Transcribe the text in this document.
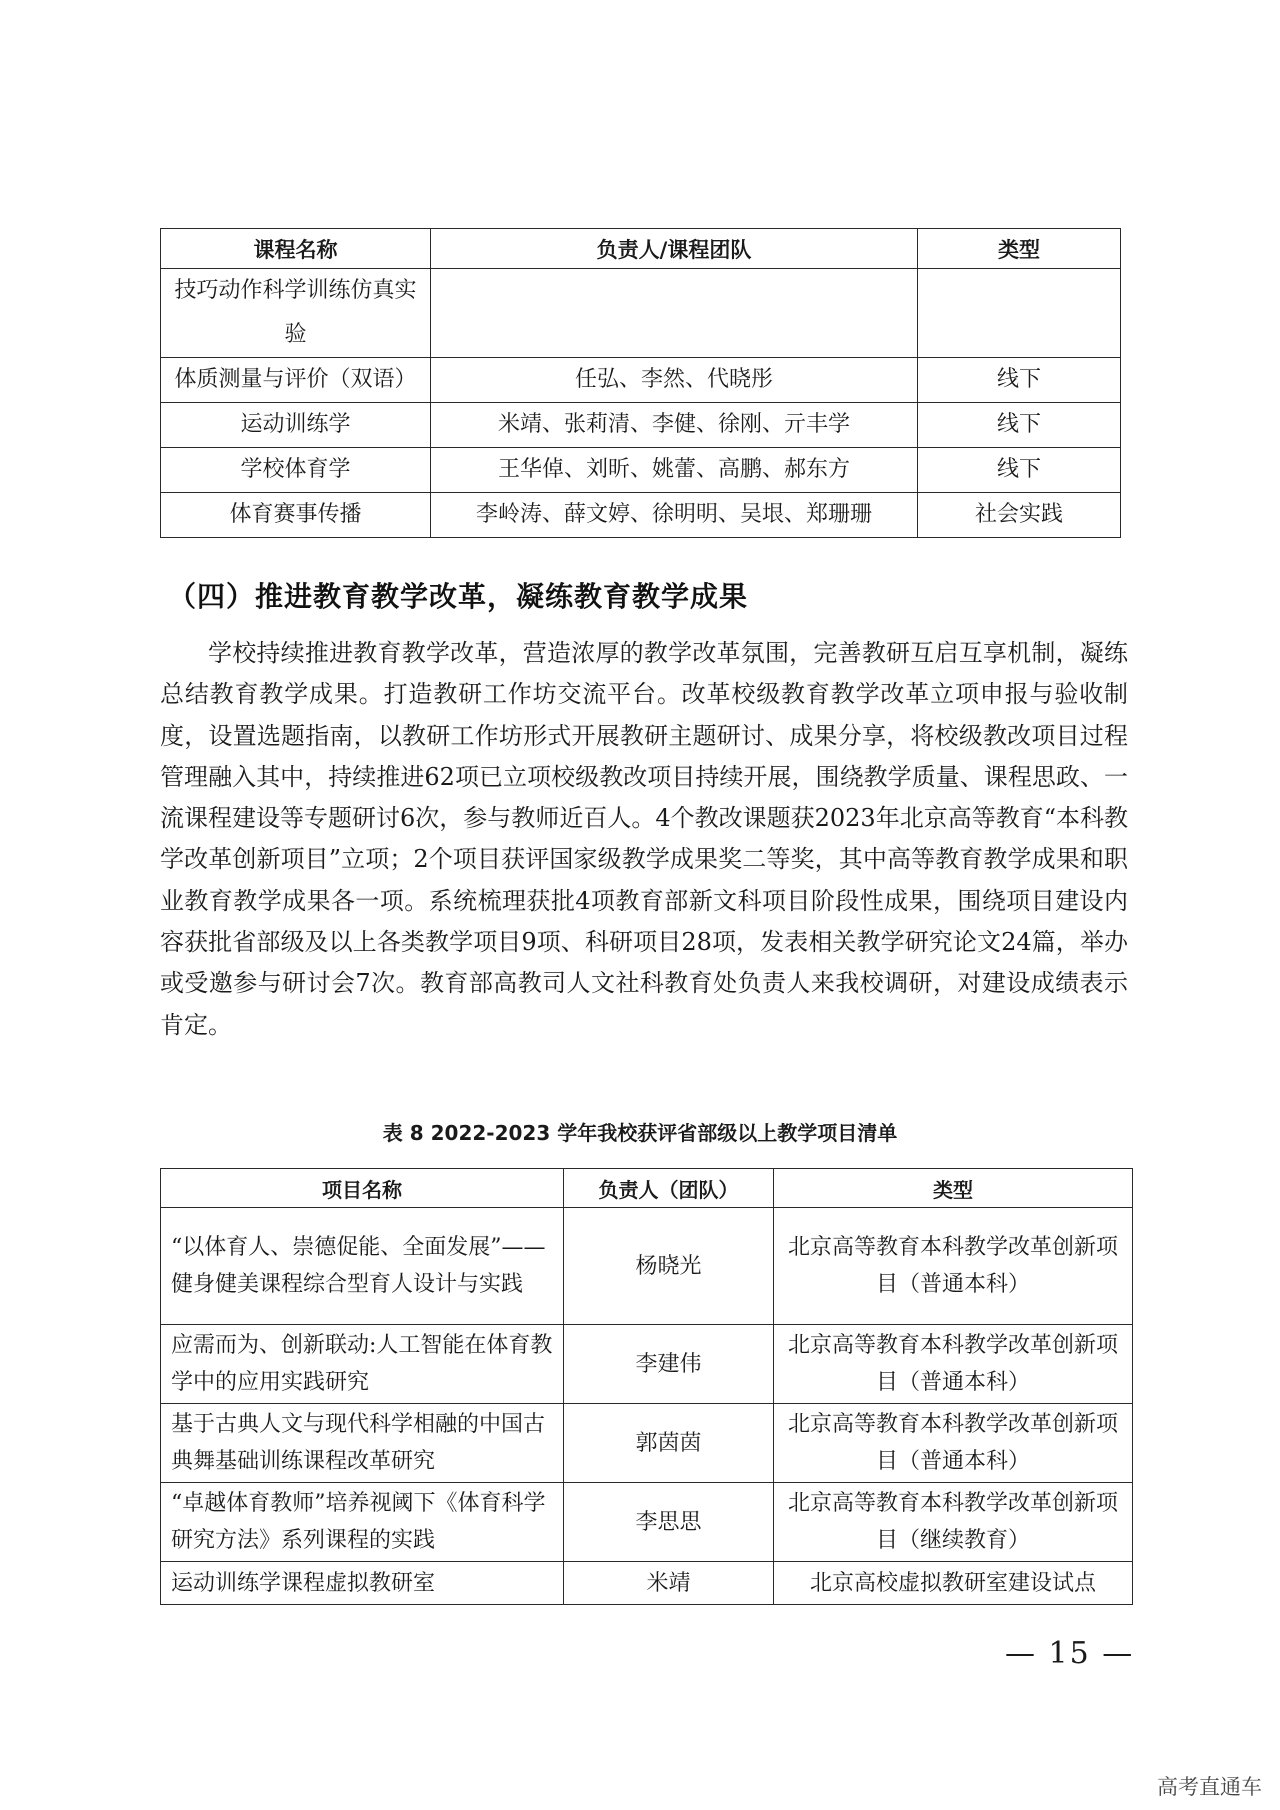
课程名称	负责人/课程团队	类型
技巧动作科学训练仿真实验		
体质测量与评价（双语）	任弘、李然、代晓彤	线下
运动训练学	米靖、张莉清、李健、徐刚、亓丰学	线下
学校体育学	王华倬、刘昕、姚蕾、高鹏、郝东方	线下
体育赛事传播	李岭涛、薛文婷、徐明明、吴垠、郑珊珊	社会实践
（四）推进教育教学改革，凝练教育教学成果

学校持续推进教育教学改革，营造浓厚的教学改革氛围，完善教研互启互享机制，凝练总结教育教学成果。打造教研工作坊交流平台。改革校级教育教学改革立项申报与验收制度，设置选题指南，以教研工作坊形式开展教研主题研讨、成果分享，将校级教改项目过程管理融入其中，持续推进62项已立项校级教改项目持续开展，围绕教学质量、课程思政、一流课程建设等专题研讨6次，参与教师近百人。4个教改课题获2023年北京高等教育“本科教学改革创新项目”立项；2个项目获评国家级教学成果奖二等奖，其中高等教育教学成果和职业教育教学成果各一项。系统梳理获批4项教育部新文科项目阶段性成果，围绕项目建设内容获批省部级及以上各类教学项目9项、科研项目28项，发表相关教学研究论文24篇，举办或受邀参与研讨会7次。教育部高教司人文社科教育处负责人来我校调研，对建设成绩表示肯定。

表 8 2022-2023 学年我校获评省部级以上教学项目清单
项目名称	负责人（团队）	类型
“以体育人、崇德促能、全面发展”——健身健美课程综合型育人设计与实践	杨晓光	北京高等教育本科教学改革创新项目（普通本科）
应需而为、创新联动:人工智能在体育教学中的应用实践研究	李建伟	北京高等教育本科教学改革创新项目（普通本科）
基于古典人文与现代科学相融的中国古典舞基础训练课程改革研究	郭茵茵	北京高等教育本科教学改革创新项目（普通本科）
“卓越体育教师”培养视阈下《体育科学研究方法》系列课程的实践	李思思	北京高等教育本科教学改革创新项目（继续教育）
运动训练学课程虚拟教研室	米靖	北京高校虚拟教研室建设试点
— 15 —
高考直通车
